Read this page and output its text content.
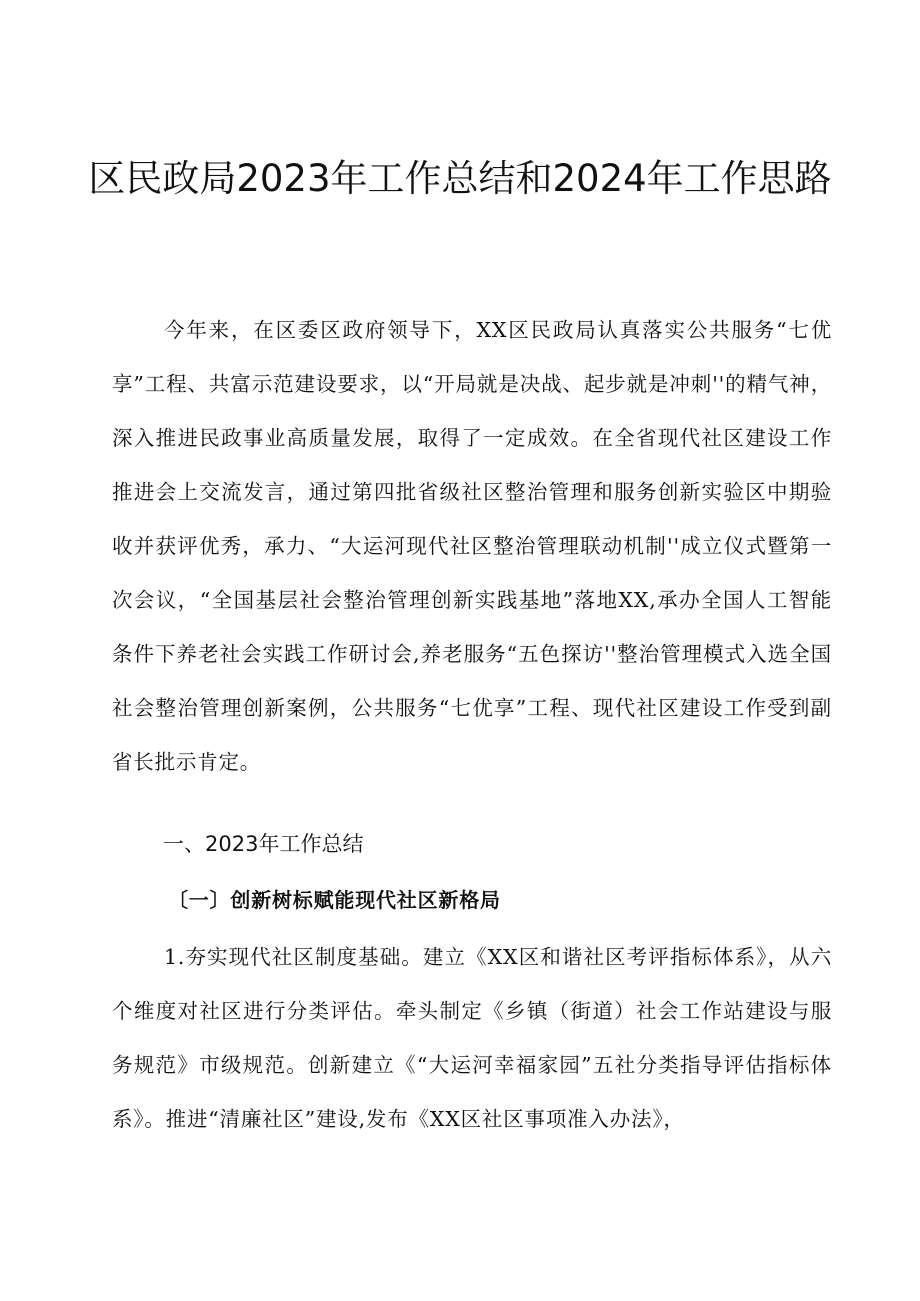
区民政局2023年工作总结和2024年工作思路

今年来，在区委区政府领导下，XX区民政局认真落实公共服务“七优享”工程、共富示范建设要求，以“开局就是决战、起步就是冲刺''的精气神，深入推进民政事业高质量发展，取得了一定成效。在全省现代社区建设工作推进会上交流发言，通过第四批省级社区整治管理和服务创新实验区中期验收并获评优秀，承力、“大运河现代社区整治管理联动机制''成立仪式暨第一次会议，“全国基层社会整治管理创新实践基地”落地XX,承办全国人工智能条件下养老社会实践工作研讨会,养老服务“五色探访''整治管理模式入选全国社会整治管理创新案例，公共服务“七优享”工程、现代社区建设工作受到副省长批示肯定。

一、2023年工作总结
〔一〕创新树标赋能现代社区新格局

1.夯实现代社区制度基础。建立《XX区和谐社区考评指标体系》，从六个维度对社区进行分类评估。牵头制定《乡镇（街道）社会工作站建设与服务规范》市级规范。创新建立《“大运河幸福家园”五社分类指导评估指标体系》。推进“清廉社区”建设,发布《XX区社区事项准入办法》，
